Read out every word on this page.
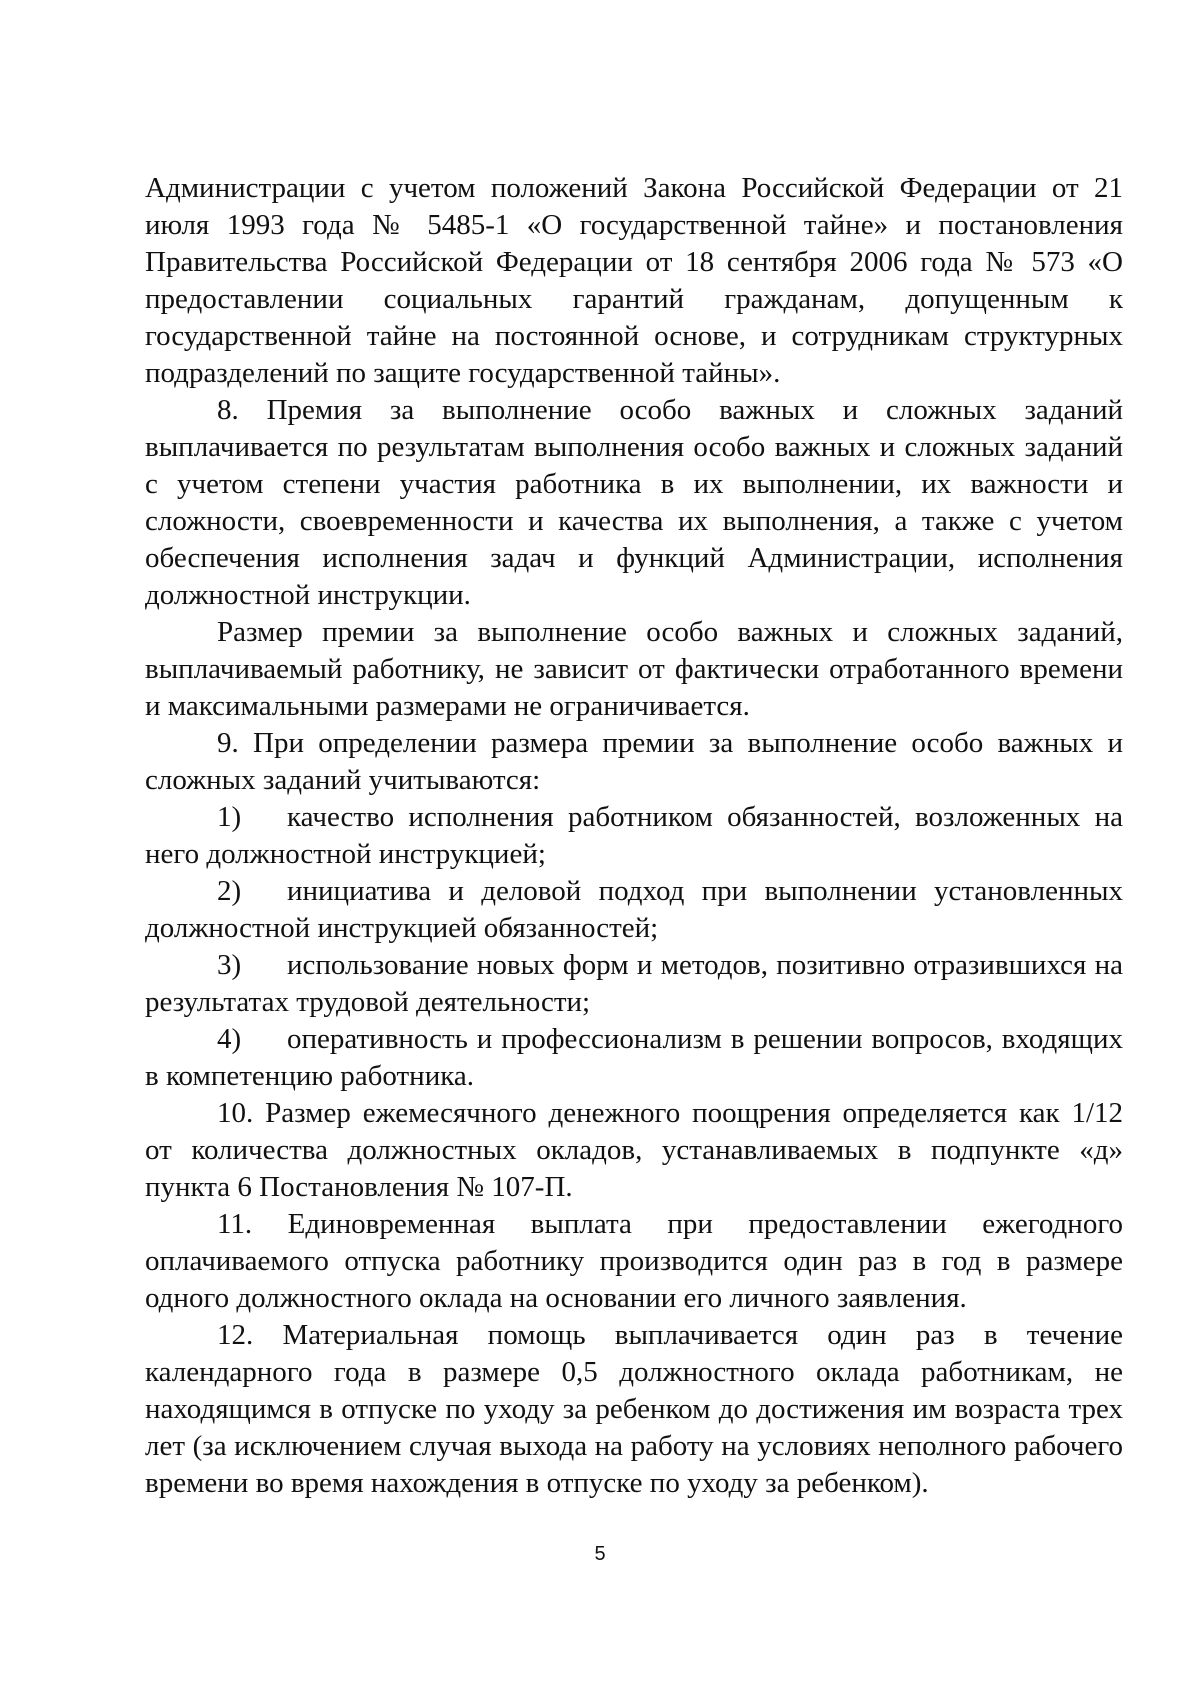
Администрации с учетом положений Закона Российской Федерации от 21 июля 1993 года № 5485-1 «О государственной тайне» и постановления Правительства Российской Федерации от 18 сентября 2006 года № 573 «О предоставлении социальных гарантий гражданам, допущенным к государственной тайне на постоянной основе, и сотрудникам структурных подразделений по защите государственной тайны».

8. Премия за выполнение особо важных и сложных заданий выплачивается по результатам выполнения особо важных и сложных заданий с учетом степени участия работника в их выполнении, их важности и сложности, своевременности и качества их выполнения, а также с учетом обеспечения исполнения задач и функций Администрации, исполнения должностной инструкции.

Размер премии за выполнение особо важных и сложных заданий, выплачиваемый работнику, не зависит от фактически отработанного времени и максимальными размерами не ограничивается.

9. При определении размера премии за выполнение особо важных и сложных заданий учитываются:

1) качество исполнения работником обязанностей, возложенных на него должностной инструкцией;

2) инициатива и деловой подход при выполнении установленных должностной инструкцией обязанностей;

3) использование новых форм и методов, позитивно отразившихся на результатах трудовой деятельности;

4) оперативность и профессионализм в решении вопросов, входящих в компетенцию работника.

10. Размер ежемесячного денежного поощрения определяется как 1/12 от количества должностных окладов, устанавливаемых в подпункте «д» пункта 6 Постановления № 107-П.

11. Единовременная выплата при предоставлении ежегодного оплачиваемого отпуска работнику производится один раз в год в размере одного должностного оклада на основании его личного заявления.

12. Материальная помощь выплачивается один раз в течение календарного года в размере 0,5 должностного оклада работникам, не находящимся в отпуске по уходу за ребенком до достижения им возраста трех лет (за исключением случая выхода на работу на условиях неполного рабочего времени во время нахождения в отпуске по уходу за ребенком).

5
